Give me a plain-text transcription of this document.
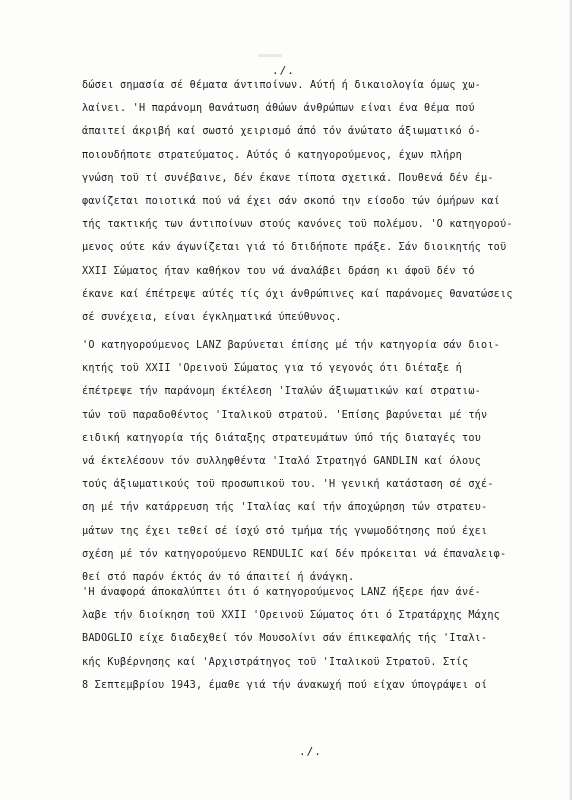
./.
δώσει σημασία σέ θέματα άντιποίνων. Αύτή ή δικαιολογία όμως χω-
λαίνει. 'Η παράνομη θανάτωση άθώων άνθρώπων είναι ένα θέμα πού
άπαιτεί άκριβή καί σωστό χειρισμό άπό τόν άνώτατο άξιωματικό ό-
ποιουδήποτε στρατεύματος. Αύτός ό κατηγορούμενος, έχων πλήρη
γνώση τοϋ τί συνέβαινε, δέν έκανε τίποτα σχετικά. Πουθενά δέν έμ-
φανίζεται ποιοτικά πού νά έχει σάν σκοπό την είσοδο τών όμήρων καί
τής τακτικής των άντιποίνων στούς κανόνες τοϋ πολέμου. 'Ο κατηγορού-
μενος ούτε κάν άγωνίζεται γιά τό δτιδήποτε πράξε. Σάν διοικητής τοϋ
XXII Σώματος ήταν καθήκον του νά άναλάβει δράση κι άφοϋ δέν τό
έκανε καί έπέτρεψε αύτές τίς όχι άνθρώπινες καί παράνομες θανατώσεις
σέ συνέχεια, είναι έγκληματικά ύπεύθυνος.
'Ο κατηγορούμενος LANZ βαρύνεται έπίσης μέ τήν κατηγορία σάν διοι-
κητής τοϋ XXII 'Ορεινοϋ Σώματος για τό γεγονός ότι διέταξε ή
έπέτρεψε τήν παράνομη έκτέλεση 'Ιταλών άξιωματικών καί στρατιω-
τών τοϋ παραδοθέντος 'Ιταλικοϋ στρατοϋ. 'Επίσης βαρύνεται μέ τήν
ειδική κατηγορία τής διάταξης στρατευμάτων ύπό τής διαταγές του
νά έκτελέσουν τόν συλληφθέντα 'Ιταλό Στρατηγό GANDLIN καί όλους
τούς άξιωματικούς τοϋ προσωπικοϋ του. 'Η γενική κατάσταση σέ σχέ-
ση μέ τήν κατάρρευση τής 'Ιταλίας καί τήν άποχώρηση τών στρατευ-
μάτων της έχει τεθεί σέ ίσχύ στό τμήμα τής γνωμοδότησης πού έχει
σχέση μέ τόν κατηγορούμενο RENDULIC καί δέν πρόκειται νά έπαναλειφ-
θεί στό παρόν έκτός άν τό άπαιτεί ή άνάγκη.
'Η άναφορά άποκαλύπτει ότι ό κατηγορούμενος LANZ ήξερε ήαν άνέ-
λαβε τήν διοίκηση τοϋ XXII 'Ορεινοϋ Σώματος ότι ό Στρατάρχης Μάχης
BADOGLIO είχε διαδεχθεί τόν Μουσολίνι σάν έπικεφαλής τής 'Ιταλι-
κής Κυβέρνησης καί 'Αρχιστράτηγος τοϋ 'Ιταλικοϋ Στρατοϋ. Στίς
8 Σεπτεμβρίου 1943, έμαθε γιά τήν άνακωχή πού είχαν ύπογράψει οί
./.
